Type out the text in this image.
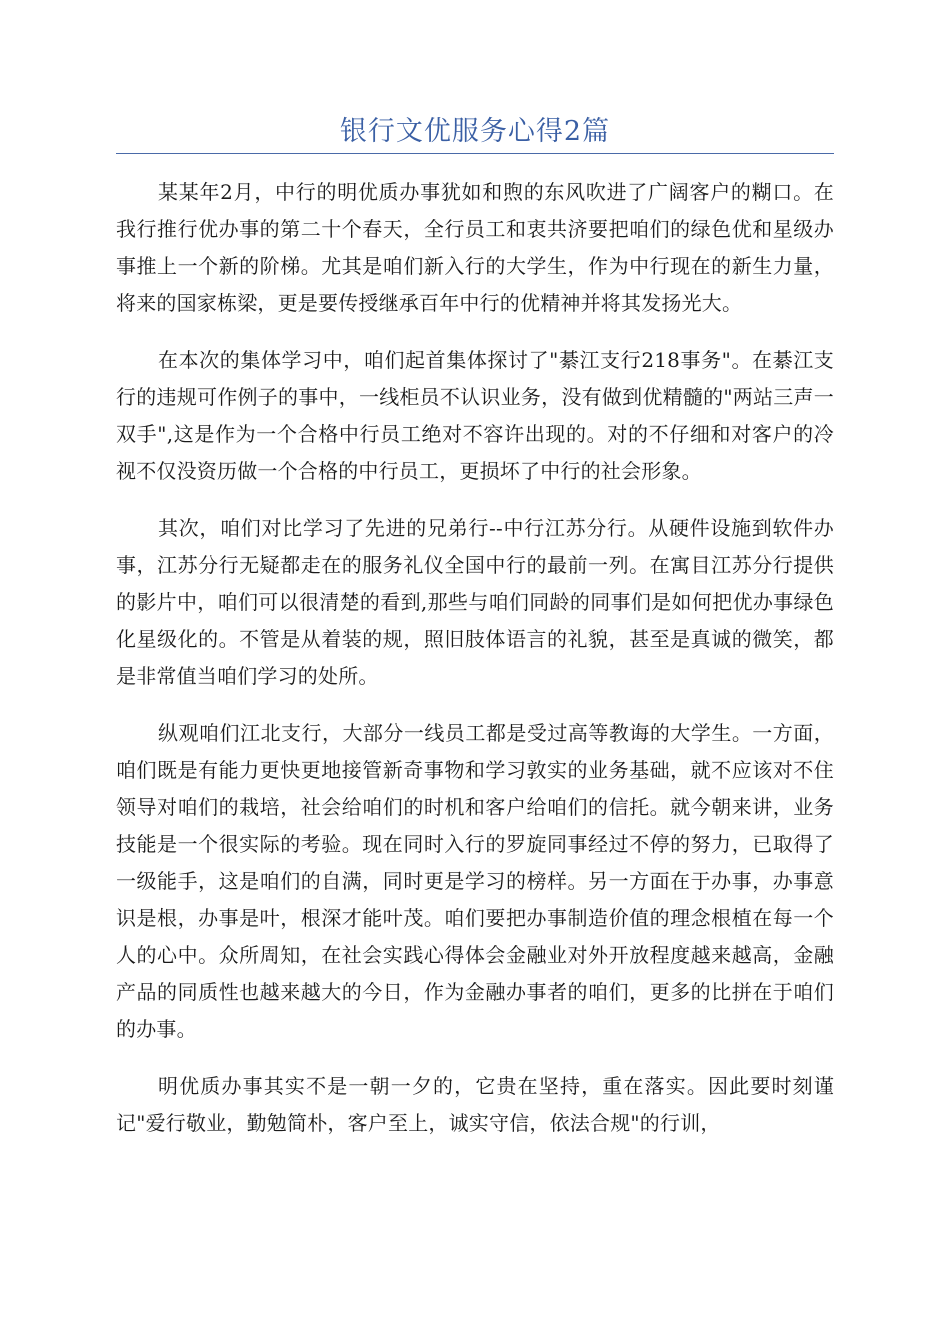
银行文优服务心得2篇

某某年2月，中行的明优质办事犹如和煦的东风吹进了广阔客户的糊口。在我行推行优办事的第二十个春天，全行员工和衷共济要把咱们的绿色优和星级办事推上一个新的阶梯。尤其是咱们新入行的大学生，作为中行现在的新生力量，将来的国家栋梁，更是要传授继承百年中行的优精神并将其发扬光大。

在本次的集体学习中，咱们起首集体探讨了"綦江支行218事务"。在綦江支行的违规可作例子的事中，一线柜员不认识业务，没有做到优精髓的"两站三声一双手",这是作为一个合格中行员工绝对不容许出现的。对的不仔细和对客户的冷视不仅没资历做一个合格的中行员工，更损坏了中行的社会形象。

其次，咱们对比学习了先进的兄弟行--中行江苏分行。从硬件设施到软件办事，江苏分行无疑都走在的服务礼仪全国中行的最前一列。在寓目江苏分行提供的影片中，咱们可以很清楚的看到,那些与咱们同龄的同事们是如何把优办事绿色化星级化的。不管是从着装的规，照旧肢体语言的礼貌，甚至是真诚的微笑，都是非常值当咱们学习的处所。

纵观咱们江北支行，大部分一线员工都是受过高等教诲的大学生。一方面，咱们既是有能力更快更地接管新奇事物和学习敦实的业务基础，就不应该对不住领导对咱们的栽培，社会给咱们的时机和客户给咱们的信托。就今朝来讲，业务技能是一个很实际的考验。现在同时入行的罗旋同事经过不停的努力，已取得了一级能手，这是咱们的自满，同时更是学习的榜样。另一方面在于办事，办事意识是根，办事是叶，根深才能叶茂。咱们要把办事制造价值的理念根植在每一个人的心中。众所周知，在社会实践心得体会金融业对外开放程度越来越高，金融产品的同质性也越来越大的今日，作为金融办事者的咱们，更多的比拼在于咱们的办事。

明优质办事其实不是一朝一夕的，它贵在坚持，重在落实。因此要时刻谨记"爱行敬业，勤勉简朴，客户至上，诚实守信，依法合规"的行训，
